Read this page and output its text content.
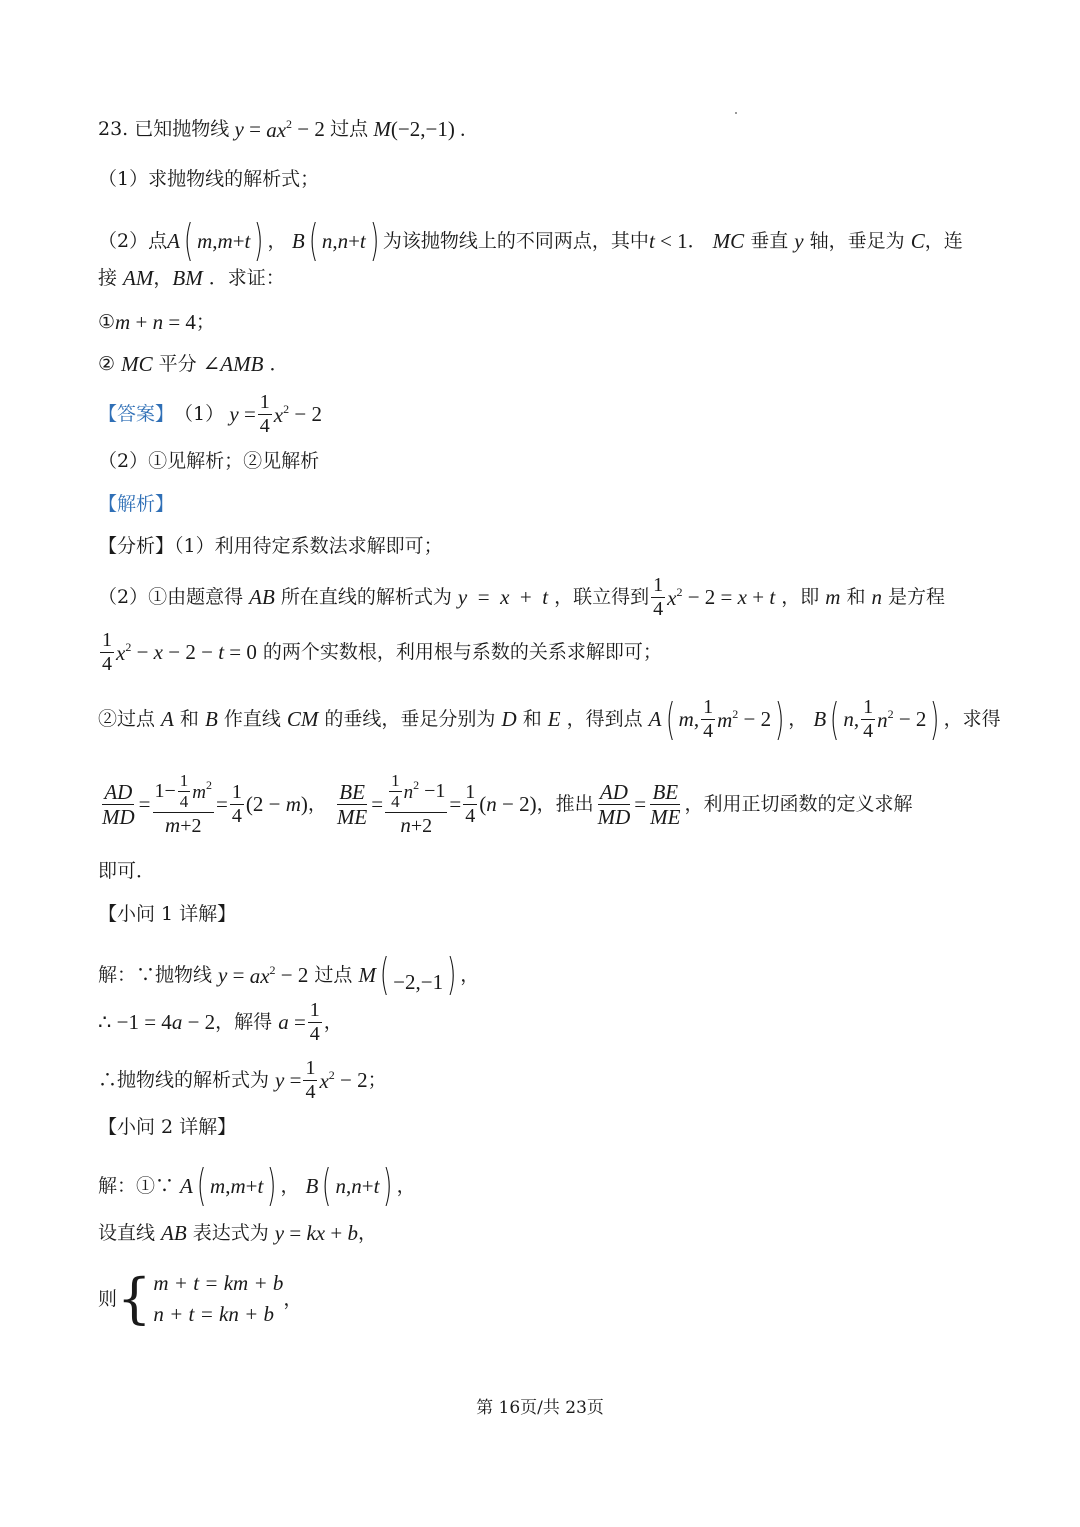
23.
已知抛物线 $y = ax^2 - 2$ 过点 M (−2,−1) .
（1）求抛物线的解析式；
（2）点 A ( m , m + t ) ， B ( n , n + t ) 为该抛物线上的不同两点，其中 t < 1 ． MC 垂直 y 轴，垂足为 C ，连
接 AM ， BM ．求证：
① m + n = 4 ；
② MC 平分 ∠ AMB ．
【答案】 （1） $y = \frac{1}{4} x^2 - 2$
（2）①见解析；②见解析
【解析】
【分析】（1）利用待定系数法求解即可；
（2）①由题意得 AB 所在直线的解析式为 y = x + t ，联立得到 $\frac{1}{4} x^2 - 2 = x + t$ ，即 m 和 n 是方程
$\frac{1}{4} x^2 - x - 2 - t = 0$ 的两个实数根，利用根与系数的关系求解即可；
②过点 A 和 B 作直线 CM 的垂线，垂足分别为 D 和 E ，得到点 A ( m , $\frac{1}{4} m^2 - 2$ ) ， B ( n , $\frac{1}{4} n^2 - 2$ ) ，求得
$\frac{AD}{MD} = \frac{1- \frac{1}{4} m^2}{m+2} = \frac{1}{4} (2 - m$ ) ， $\frac{BE}{ME} = \frac{\frac{1}{4} n^2 -1}{n+2} = \frac{1}{4}$ ( n − 2) ，推出 $\frac{AD}{MD} = \frac{BE}{ME}$ ，利用正切函数的定义求解
即可．
【小问 1 详解】
解：∵抛物线 $y = ax^2 - 2$ 过点 M ( −2,−1) ，
∴ −1 = 4 a − 2 ，解得 $a = \frac{1}{4}$ ，
∴抛物线的解析式为 $y = \frac{1}{4} x^2 - 2$ ；
【小问 2 详解】
解：①∵ A ( m , m + t ) ， B ( n , n + t ) ，
设直线 AB 表达式为 y = kx + b ，
则 { m + t = km + b
n + t = kn + b
，
第 16页/共 23页
